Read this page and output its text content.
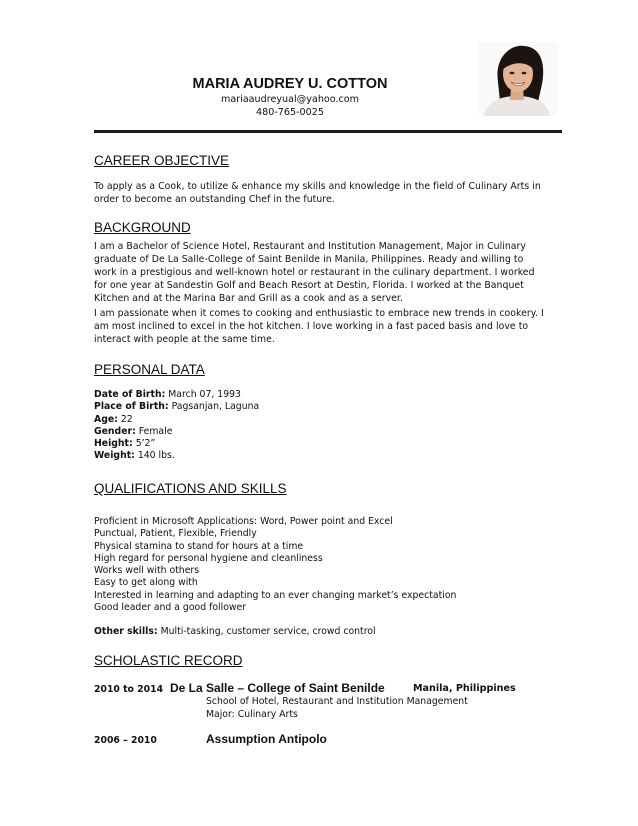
MARIA AUDREY U. COTTON
mariaaudreyual@yahoo.com
480-765-0025
CAREER OBJECTIVE
To apply as a Cook, to utilize & enhance my skills and knowledge in the field of Culinary Arts in
order to become an outstanding Chef in the future.
BACKGROUND
I am a Bachelor of Science Hotel, Restaurant and Institution Management, Major in Culinary
graduate of De La Salle-College of Saint Benilde in Manila, Philippines. Ready and willing to
work in a prestigious and well-known hotel or restaurant in the culinary department. I worked
for one year at Sandestin Golf and Beach Resort at Destin, Florida. I worked at the Banquet
Kitchen and at the Marina Bar and Grill as a cook and as a server.
I am passionate when it comes to cooking and enthusiastic to embrace new trends in cookery. I
am most inclined to excel in the hot kitchen. I love working in a fast paced basis and love to
interact with people at the same time.
PERSONAL DATA
Date of Birth: March 07, 1993
Place of Birth: Pagsanjan, Laguna
Age: 22
Gender: Female
Height: 5’2”
Weight: 140 lbs.
QUALIFICATIONS AND SKILLS
Proficient in Microsoft Applications: Word, Power point and Excel
Punctual, Patient, Flexible, Friendly
Physical stamina to stand for hours at a time
High regard for personal hygiene and cleanliness
Works well with others
Easy to get along with
Interested in learning and adapting to an ever changing market’s expectation
Good leader and a good follower
Other skills: Multi-tasking, customer service, crowd control
SCHOLASTIC RECORD
2010 to 2014 De La Salle – College of Saint Benilde	Manila, Philippines
School of Hotel, Restaurant and Institution Management
Major: Culinary Arts
2006 – 2010	Assumption Antipolo
